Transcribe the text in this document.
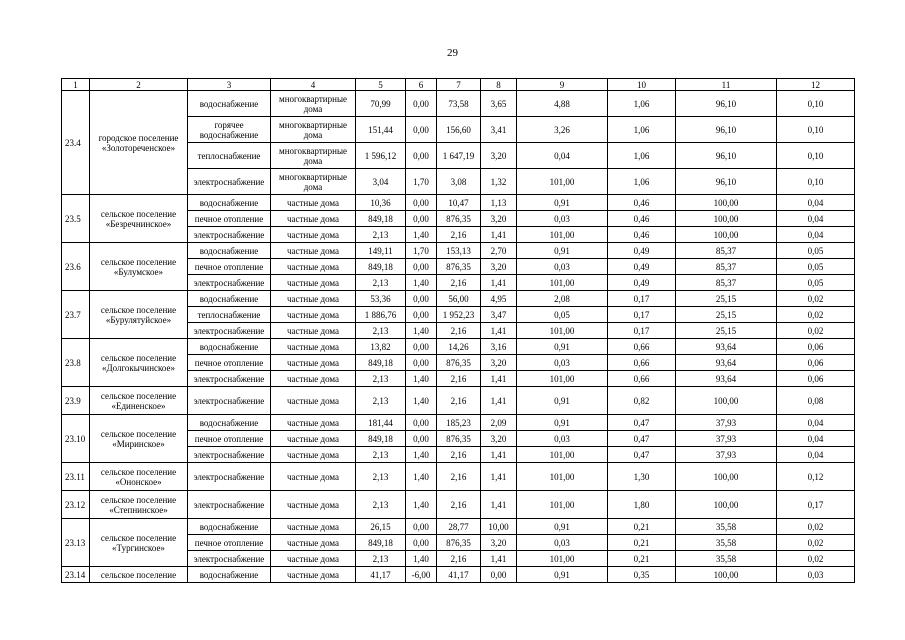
29
1	2	3	4	5	6	7	8	9	10	11	12
23.4	городское поселение «Золотореченское»	водоснабжение	многоквартирные дома	70,99	0,00	73,58	3,65	4,88	1,06	96,10	0,10
		горячее водоснабжение	многоквартирные дома	151,44	0,00	156,60	3,41	3,26	1,06	96,10	0,10
		теплоснабжение	многоквартирные дома	1 596,12	0,00	1 647,19	3,20	0,04	1,06	96,10	0,10
		электроснабжение	многоквартирные дома	3,04	1,70	3,08	1,32	101,00	1,06	96,10	0,10
23.5	сельское поселение «Безречнинское»	водоснабжение	частные дома	10,36	0,00	10,47	1,13	0,91	0,46	100,00	0,04
		печное отопление	частные дома	849,18	0,00	876,35	3,20	0,03	0,46	100,00	0,04
		электроснабжение	частные дома	2,13	1,40	2,16	1,41	101,00	0,46	100,00	0,04
23.6	сельское поселение «Булумское»	водоснабжение	частные дома	149,11	1,70	153,13	2,70	0,91	0,49	85,37	0,05
		печное отопление	частные дома	849,18	0,00	876,35	3,20	0,03	0,49	85,37	0,05
		электроснабжение	частные дома	2,13	1,40	2,16	1,41	101,00	0,49	85,37	0,05
23.7	сельское поселение «Бурулятуйское»	водоснабжение	частные дома	53,36	0,00	56,00	4,95	2,08	0,17	25,15	0,02
		теплоснабжение	частные дома	1 886,76	0,00	1 952,23	3,47	0,05	0,17	25,15	0,02
		электроснабжение	частные дома	2,13	1,40	2,16	1,41	101,00	0,17	25,15	0,02
23.8	сельское поселение «Долгокычинское»	водоснабжение	частные дома	13,82	0,00	14,26	3,16	0,91	0,66	93,64	0,06
		печное отопление	частные дома	849,18	0,00	876,35	3,20	0,03	0,66	93,64	0,06
		электроснабжение	частные дома	2,13	1,40	2,16	1,41	101,00	0,66	93,64	0,06
23.9	сельское поселение «Единенское»	электроснабжение	частные дома	2,13	1,40	2,16	1,41	0,91	0,82	100,00	0,08
23.10	сельское поселение «Миринское»	водоснабжение	частные дома	181,44	0,00	185,23	2,09	0,91	0,47	37,93	0,04
		печное отопление	частные дома	849,18	0,00	876,35	3,20	0,03	0,47	37,93	0,04
		электроснабжение	частные дома	2,13	1,40	2,16	1,41	101,00	0,47	37,93	0,04
23.11	сельское поселение «Ононское»	электроснабжение	частные дома	2,13	1,40	2,16	1,41	101,00	1,30	100,00	0,12
23.12	сельское поселение «Степнинское»	электроснабжение	частные дома	2,13	1,40	2,16	1,41	101,00	1,80	100,00	0,17
23.13	сельское поселение «Тургинское»	водоснабжение	частные дома	26,15	0,00	28,77	10,00	0,91	0,21	35,58	0,02
		печное отопление	частные дома	849,18	0,00	876,35	3,20	0,03	0,21	35,58	0,02
		электроснабжение	частные дома	2,13	1,40	2,16	1,41	101,00	0,21	35,58	0,02
23.14	сельское поселение	водоснабжение	частные дома	41,17	-6,00	41,17	0,00	0,91	0,35	100,00	0,03
